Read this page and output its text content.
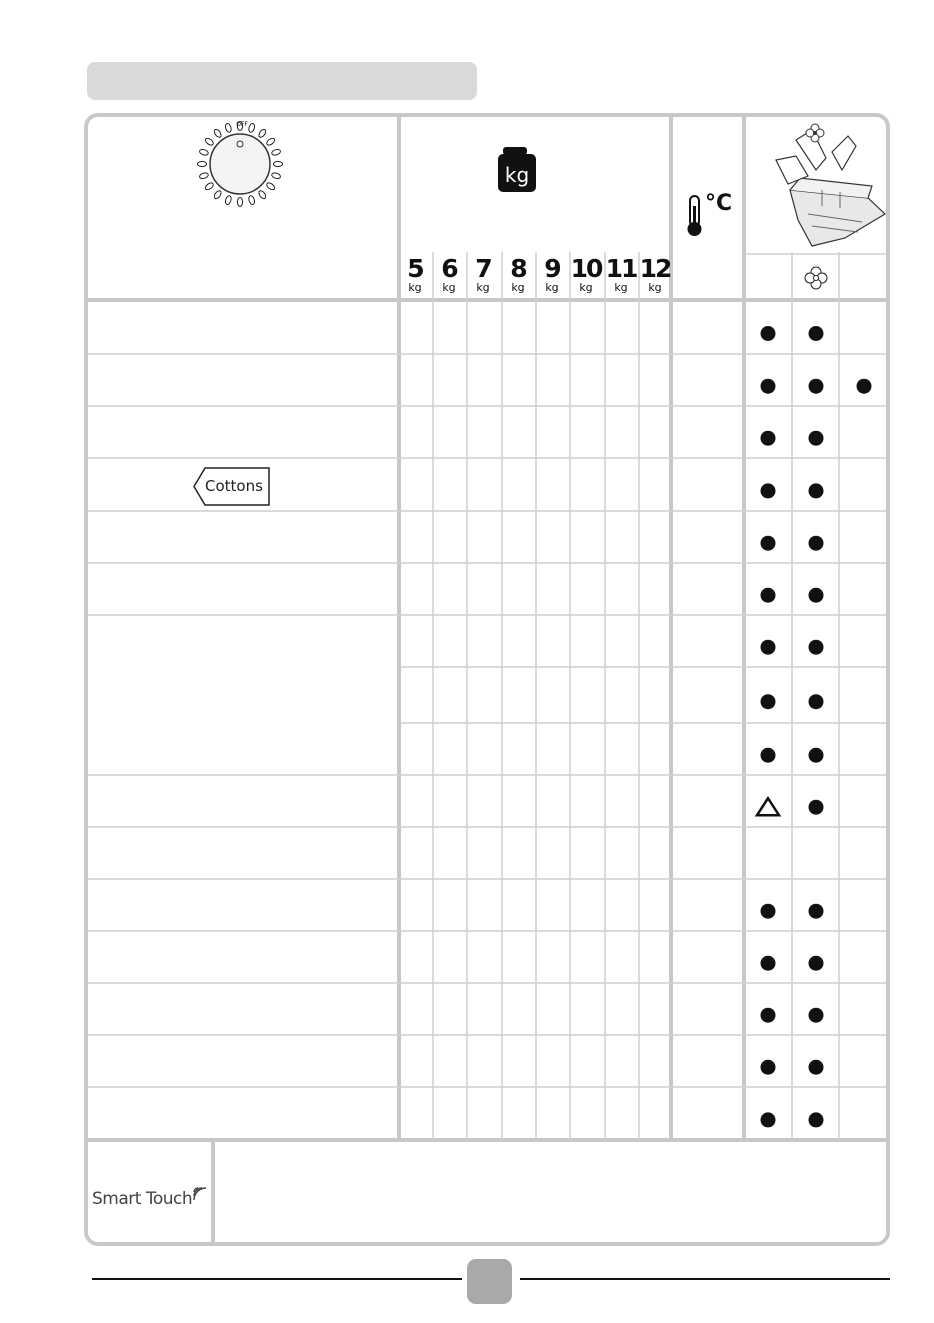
OFF
kg
5
kg
6
kg
7
kg
8
kg
9
kg
10
kg
11
kg
12
kg
°C
Cottons
Smart Touch
